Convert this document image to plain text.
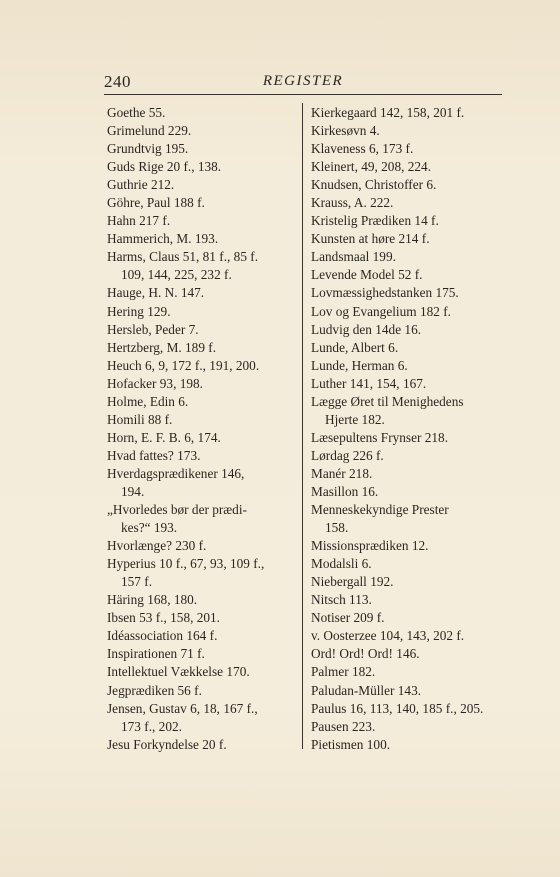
240	REGISTER
Goethe 55.
Grimelund 229.
Grundtvig 195.
Guds Rige 20 f., 138.
Guthrie 212.
Göhre, Paul 188 f.
Hahn 217 f.
Hammerich, M. 193.
Harms, Claus 51, 81 f., 85 f.
109, 144, 225, 232 f.
Hauge, H. N. 147.
Hering 129.
Hersleb, Peder 7.
Hertzberg, M. 189 f.
Heuch 6, 9, 172 f., 191, 200.
Hofacker 93, 198.
Holme, Edin 6.
Homili 88 f.
Horn, E. F. B. 6, 174.
Hvad fattes? 173.
Hverdagsprædikener 146,
194.
„Hvorledes bør der prædi-
kes?“ 193.
Hvorlænge? 230 f.
Hyperius 10 f., 67, 93, 109 f.,
157 f.
Häring 168, 180.
Ibsen 53 f., 158, 201.
Idéassociation 164 f.
Inspirationen 71 f.
Intellektuel Vækkelse 170.
Jegprædiken 56 f.
Jensen, Gustav 6, 18, 167 f.,
173 f., 202.
Jesu Forkyndelse 20 f.
Kierkegaard 142, 158, 201 f.
Kirkesøvn 4.
Klaveness 6, 173 f.
Kleinert, 49, 208, 224.
Knudsen, Christoffer 6.
Krauss, A. 222.
Kristelig Prædiken 14 f.
Kunsten at høre 214 f.
Landsmaal 199.
Levende Model 52 f.
Lovmæssighedstanken 175.
Lov og Evangelium 182 f.
Ludvig den 14de 16.
Lunde, Albert 6.
Lunde, Herman 6.
Luther 141, 154, 167.
Lægge Øret til Menighedens
Hjerte 182.
Læsepultens Frynser 218.
Lørdag 226 f.
Manér 218.
Masillon 16.
Menneskekyndige Prester
158.
Missionsprædiken 12.
Modalsli 6.
Niebergall 192.
Nitsch 113.
Notiser 209 f.
v. Oosterzee 104, 143, 202 f.
Ord! Ord! Ord! 146.
Palmer 182.
Paludan-Müller 143.
Paulus 16, 113, 140, 185 f., 205.
Pausen 223.
Pietismen 100.
